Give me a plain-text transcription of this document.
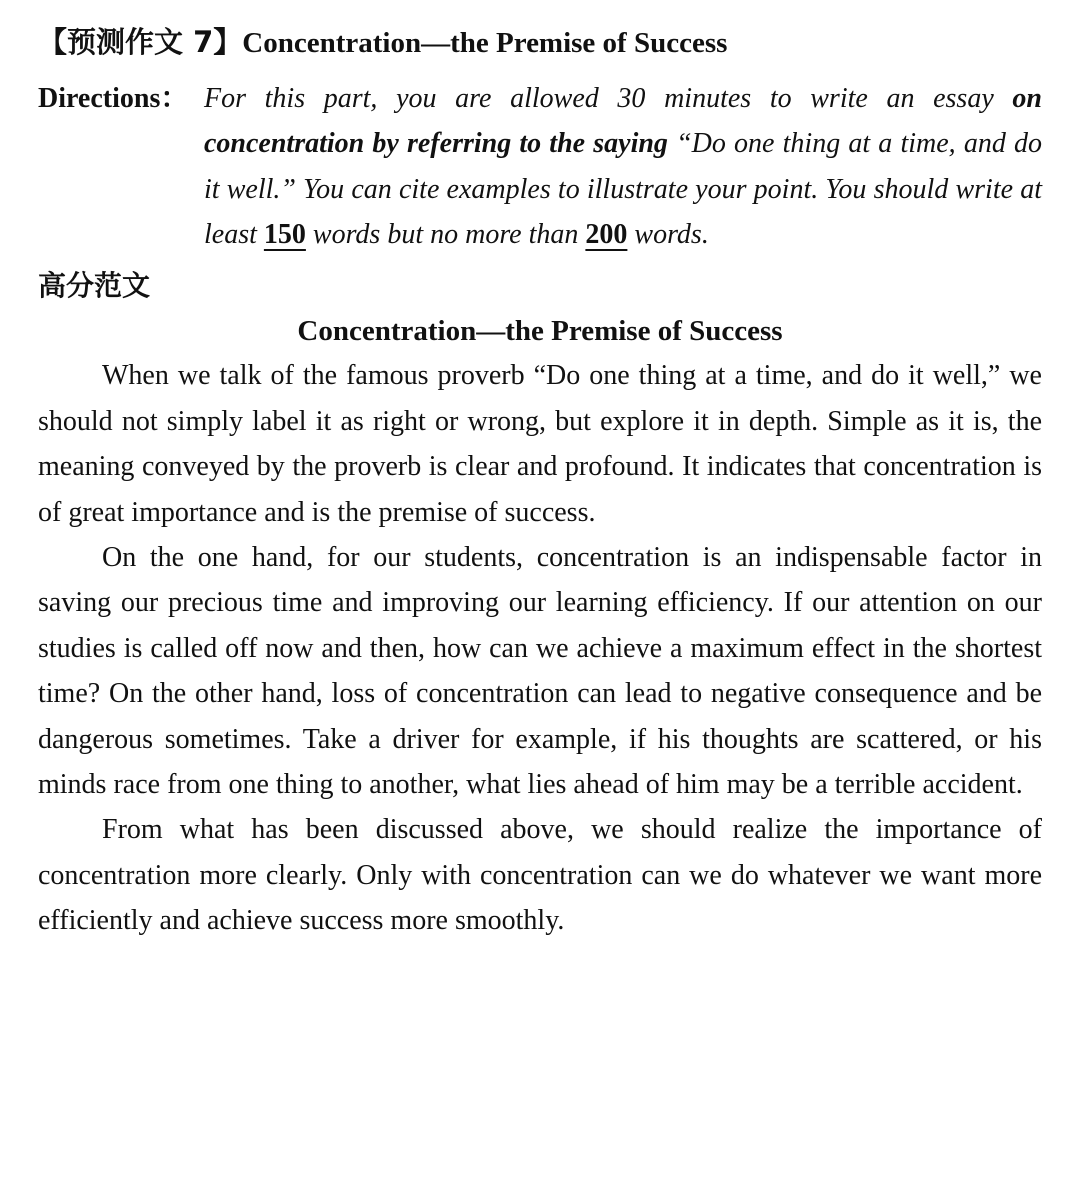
【预测作文 7】Concentration—the Premise of Success
Directions： For this part, you are allowed 30 minutes to write an essay on concentration by referring to the saying “Do one thing at a time, and do it well.” You can cite examples to illustrate your point. You should write at least 150 words but no more than 200 words.
高分范文
Concentration—the Premise of Success

When we talk of the famous proverb “Do one thing at a time, and do it well,” we should not simply label it as right or wrong, but explore it in depth. Simple as it is, the meaning conveyed by the proverb is clear and profound. It indicates that concentration is of great importance and is the premise of success.

On the one hand, for our students, concentration is an indispensable factor in saving our precious time and improving our learning efficiency. If our attention on our studies is called off now and then, how can we achieve a maximum effect in the shortest time? On the other hand, loss of concentration can lead to negative consequence and be dangerous sometimes. Take a driver for example, if his thoughts are scattered, or his minds race from one thing to another, what lies ahead of him may be a terrible accident.

From what has been discussed above, we should realize the importance of concentration more clearly. Only with concentration can we do whatever we want more efficiently and achieve success more smoothly.
